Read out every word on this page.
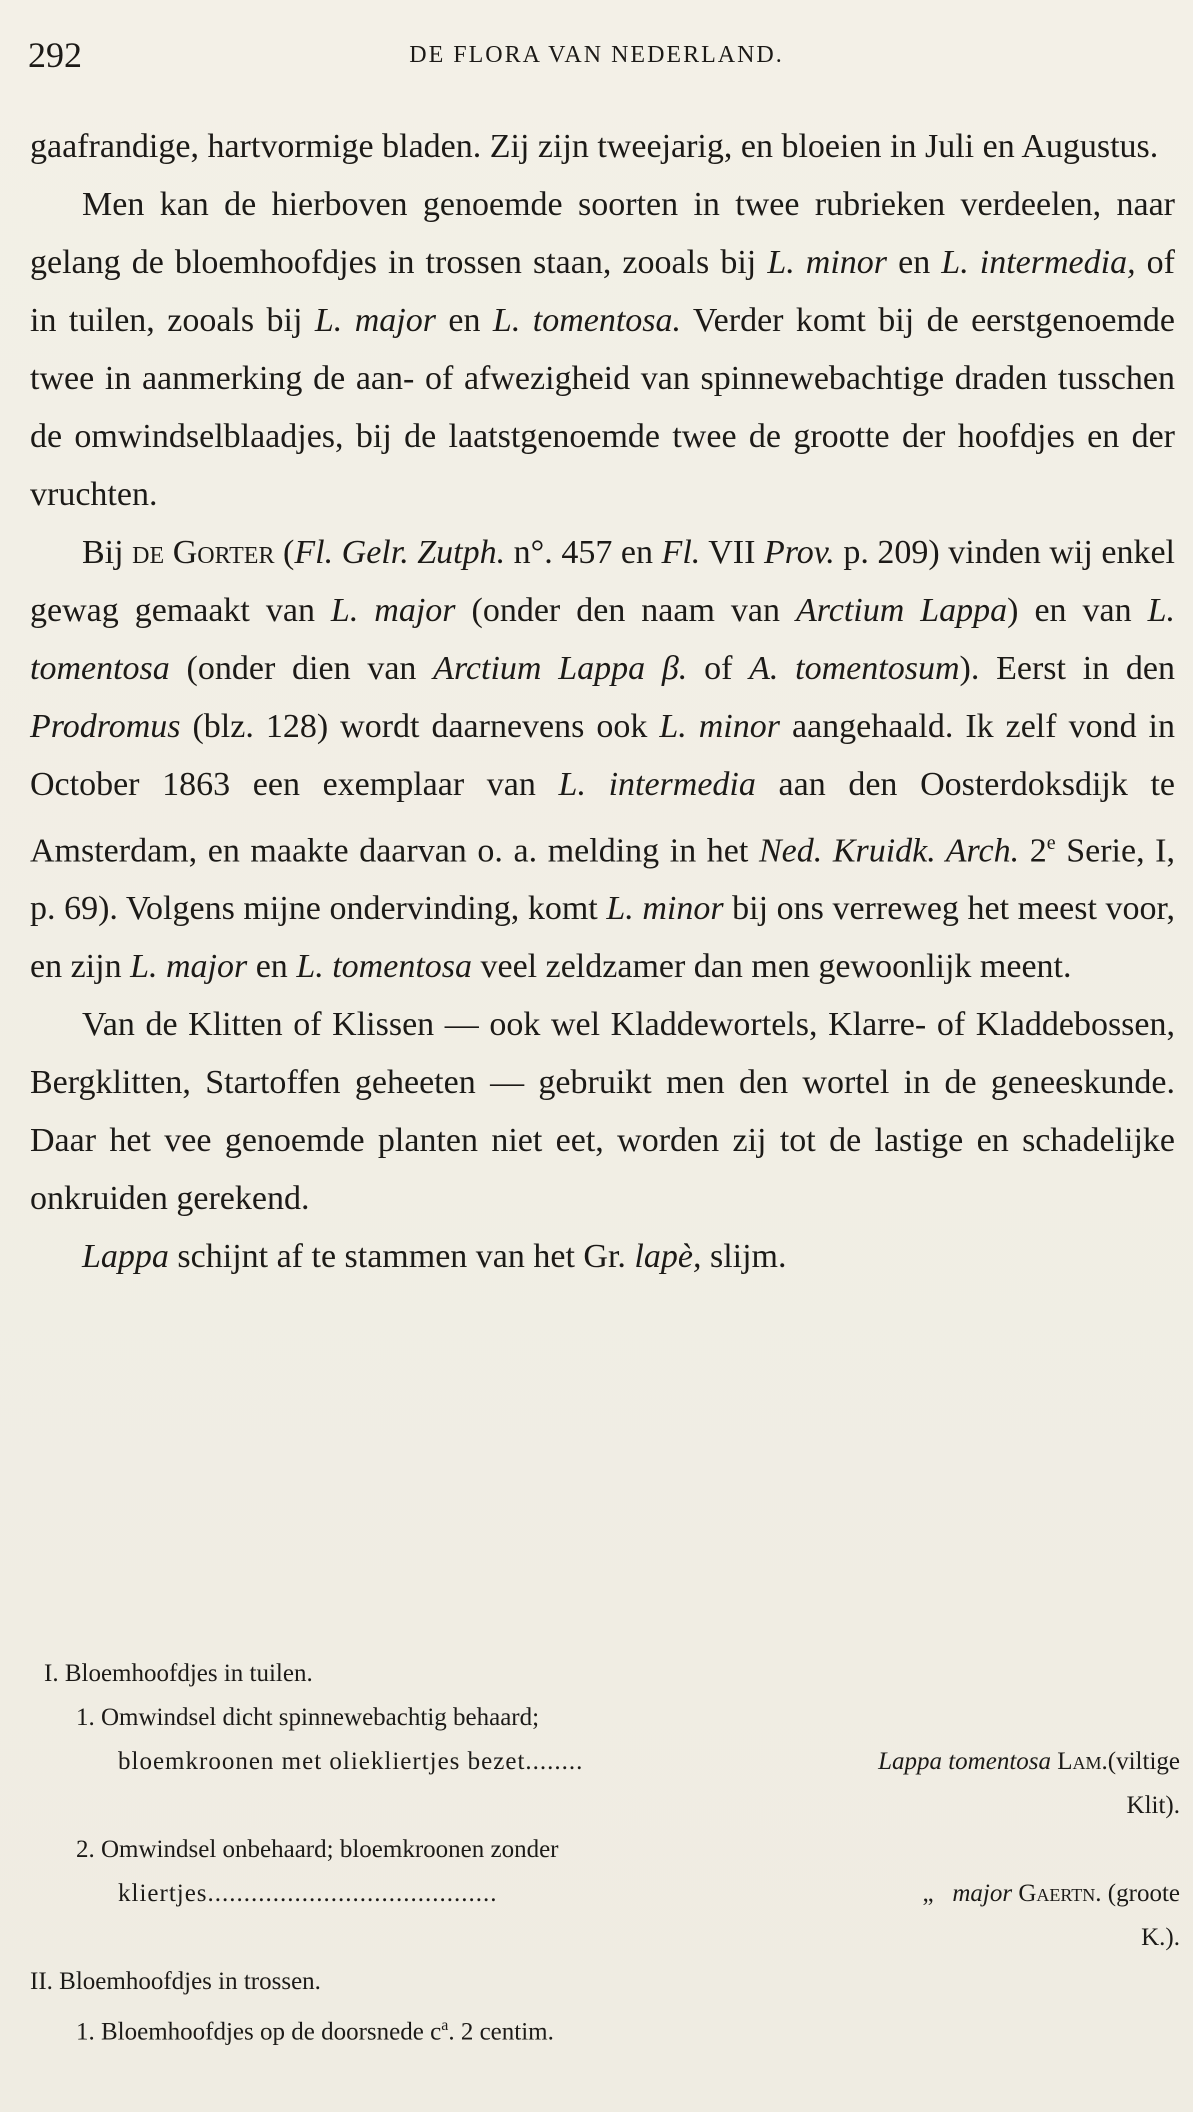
292	DE FLORA VAN NEDERLAND.

gaafrandige, hartvormige bladen. Zij zijn tweejarig, en bloeien in Juli en Augustus.

Men kan de hierboven genoemde soorten in twee rubrieken verdeelen, naar gelang de bloemhoofdjes in trossen staan, zooals bij L. minor en L. intermedia, of in tuilen, zooals bij L. major en L. tomentosa. Verder komt bij de eerstgenoemde twee in aanmerking de aan- of afwezigheid van spinnewebachtige draden tusschen de omwindselblaadjes, bij de laatstgenoemde twee de grootte der hoofdjes en der vruchten.

Bij de Gorter (Fl. Gelr. Zutph. n°. 457 en Fl. VII Prov. p. 209) vinden wij enkel gewag gemaakt van L. major (onder den naam van Arctium Lappa) en van L. tomentosa (onder dien van Arctium Lappa β. of A. tomentosum). Eerst in den Prodromus (blz. 128) wordt daarnevens ook L. minor aangehaald. Ik zelf vond in October 1863 een exemplaar van L. intermedia aan den Oosterdoksdijk te Amsterdam, en maakte daarvan o. a. melding in het Ned. Kruidk. Arch. 2e Serie, I, p. 69). Volgens mijne ondervinding, komt L. minor bij ons verreweg het meest voor, en zijn L. major en L. tomentosa veel zeldzamer dan men gewoonlijk meent.

Van de Klitten of Klissen — ook wel Kladdewortels, Klarre- of Kladdebossen, Bergklitten, Startoffen geheeten — gebruikt men den wortel in de geneeskunde. Daar het vee genoemde planten niet eet, worden zij tot de lastige en schadelijke onkruiden gerekend.

Lappa schijnt af te stammen van het Gr. lapè, slijm.

I. Bloemhoofdjes in tuilen.
1. Omwindsel dicht spinnewebachtig behaard;
bloemkroonen met oliekliertjes bezet........	Lappa tomentosa Lam.(viltige
Klit).
2. Omwindsel onbehaard; bloemkroonen zonder
kliertjes........................................	„ major Gaertn. (groote
K.).
II. Bloemhoofdjes in trossen.
1. Bloemhoofdjes op de doorsnede $c^a$. 2 centim.
